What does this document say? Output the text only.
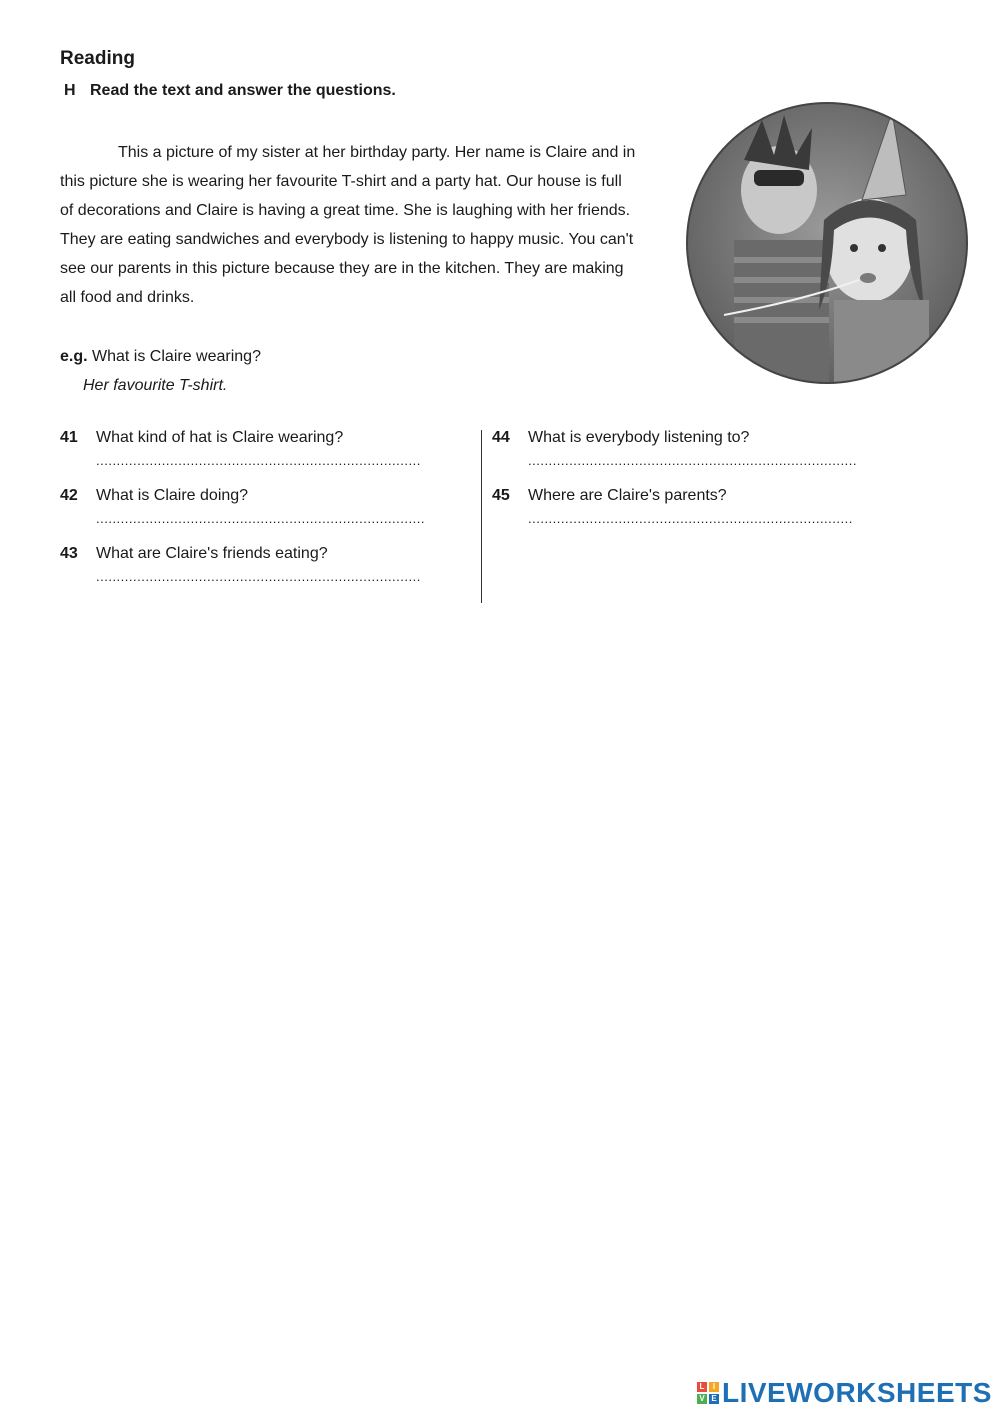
Reading
H Read the text and answer the questions.
This a picture of my sister at her birthday party. Her name is Claire and in
this picture she is wearing her favourite T-shirt and a party hat. Our house is full
of decorations and Claire is having a great time. She is laughing with her friends.
They are eating sandwiches and everybody is listening to happy music. You can't
see our parents in this picture because they are in the kitchen. They are making
all food and drinks.
e.g. What is Claire wearing?
Her favourite T-shirt.
41 What kind of hat is Claire wearing?
...............................................................................
42 What is Claire doing?
................................................................................
43 What are Claire's friends eating?
...............................................................................
44 What is everybody listening to?
................................................................................
45 Where are Claire's parents?
...............................................................................
L	I
V E LIVEWORKSHEETS
